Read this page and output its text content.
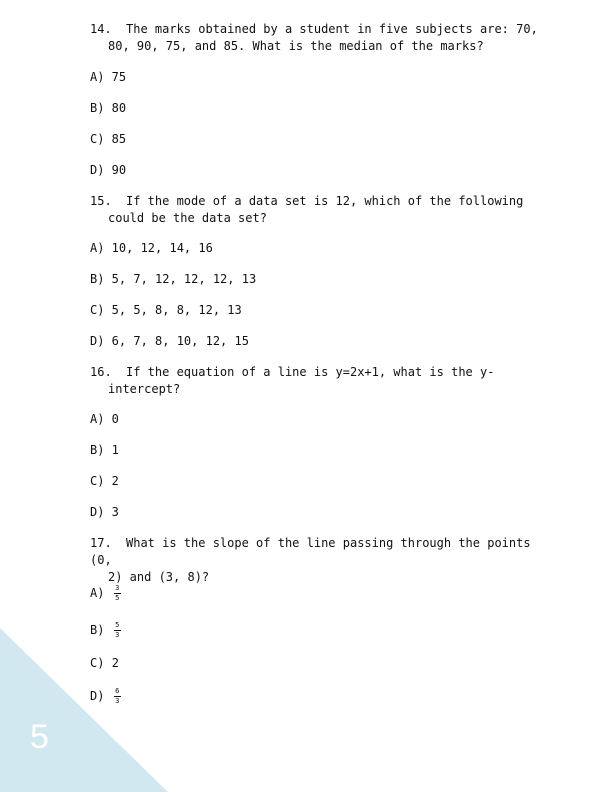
5
14. The marks obtained by a student in five subjects are: 70,
80, 90, 75, and 85. What is the median of the marks?
A) 75
B) 80
C) 85
D) 90
15. If the mode of a data set is 12, which of the following
could be the data set?
A) 10, 12, 14, 16
B) 5, 7, 12, 12, 12, 13
C) 5, 5, 8, 8, 12, 13
D) 6, 7, 8, 10, 12, 15
16. If the equation of a line is y=2x+1, what is the y-
intercept?
A) 0
B) 1
C) 2
D) 3
17. What is the slope of the line passing through the points (0,
2) and (3, 8)?
$A) \frac{3}{5}$
$B) \frac{5}{3}$
C) 2
$D) \frac{6}{3}$
